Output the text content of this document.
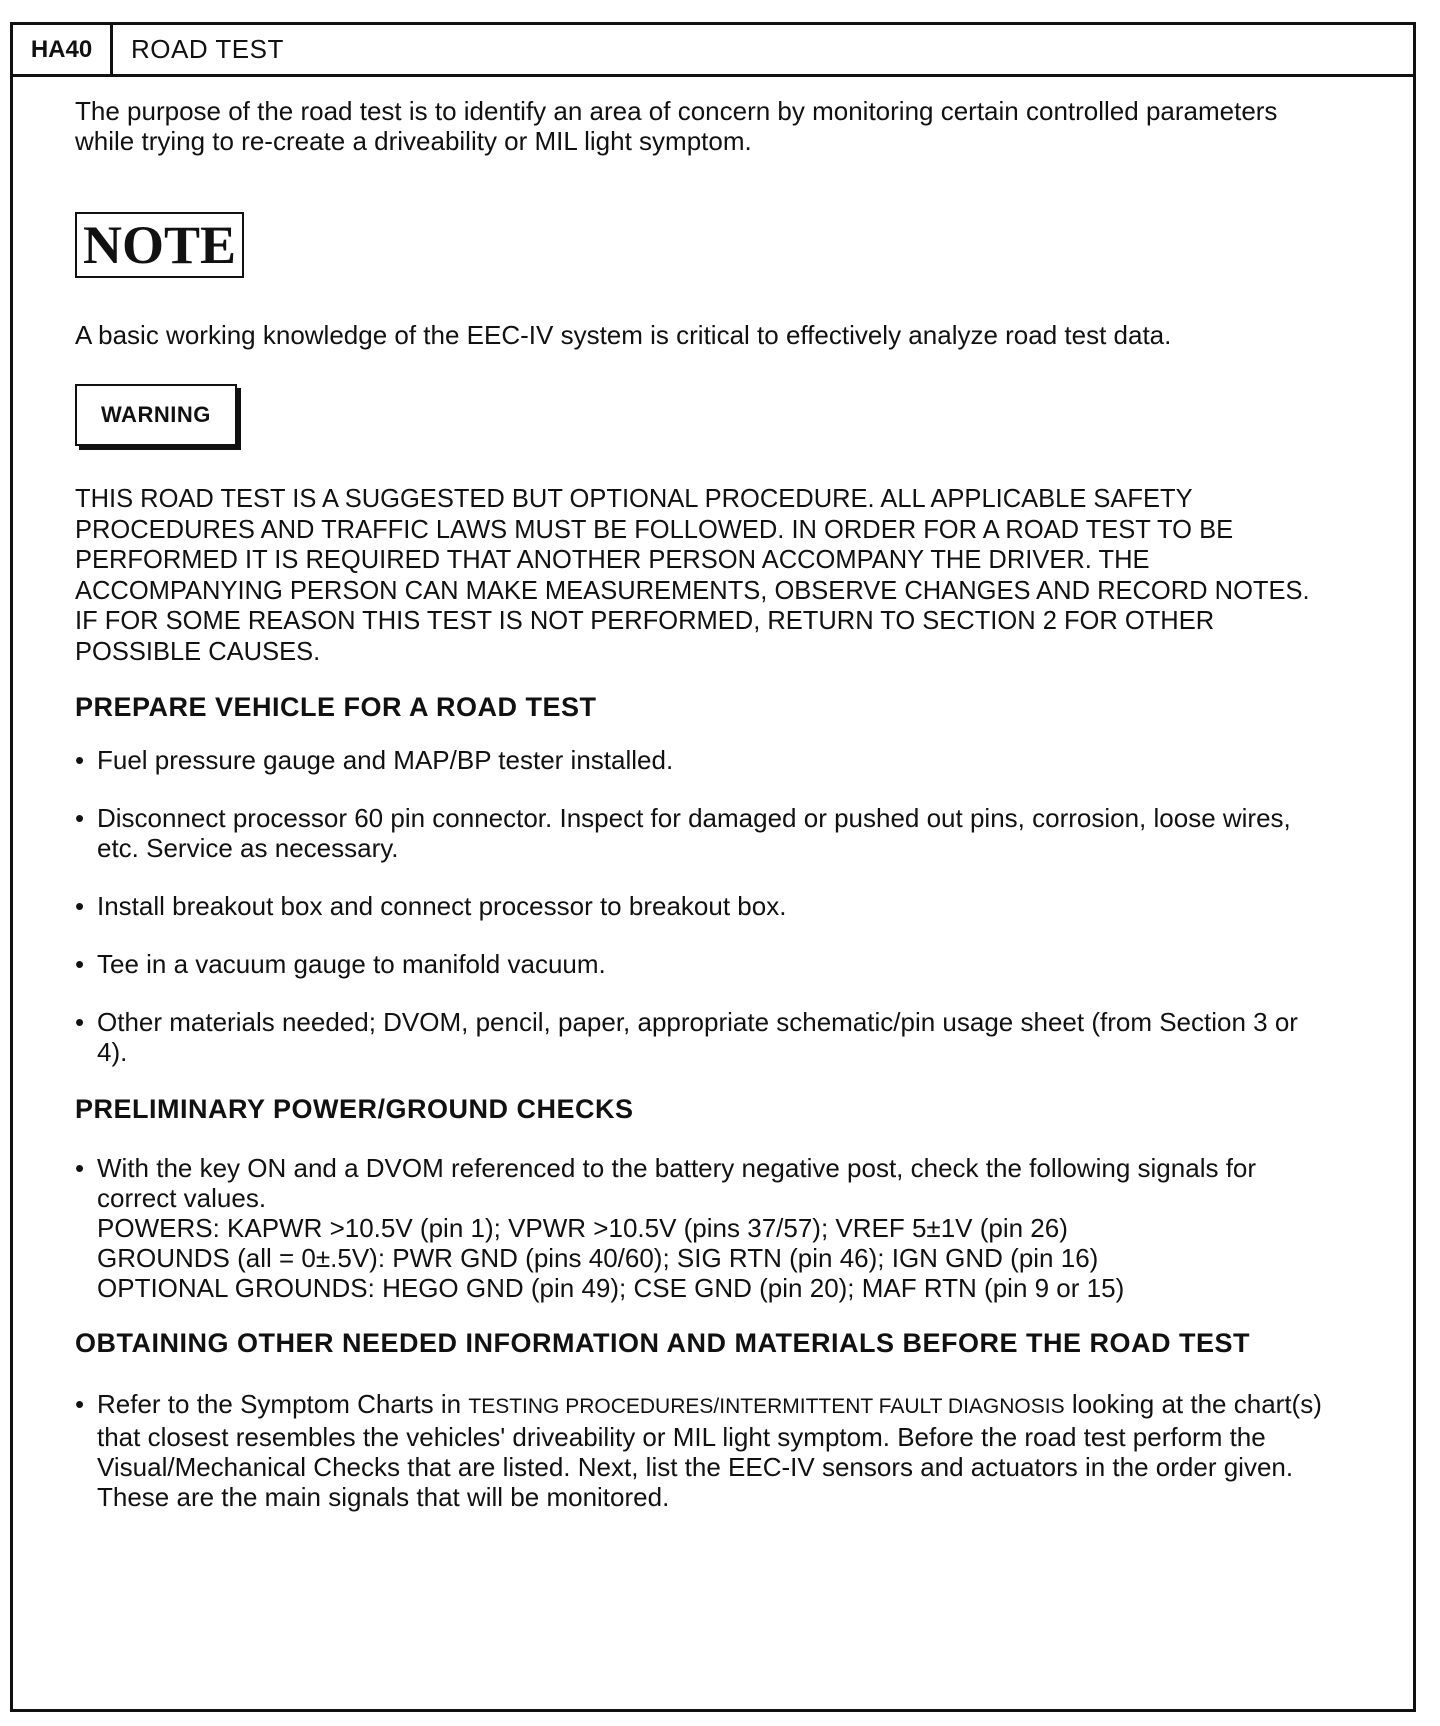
HA40	ROAD TEST

The purpose of the road test is to identify an area of concern by monitoring certain controlled parameters while trying to re-create a driveability or MIL light symptom.

NOTE

A basic working knowledge of the EEC-IV system is critical to effectively analyze road test data.

WARNING

THIS ROAD TEST IS A SUGGESTED BUT OPTIONAL PROCEDURE. ALL APPLICABLE SAFETY PROCEDURES AND TRAFFIC LAWS MUST BE FOLLOWED. IN ORDER FOR A ROAD TEST TO BE PERFORMED IT IS REQUIRED THAT ANOTHER PERSON ACCOMPANY THE DRIVER. THE ACCOMPANYING PERSON CAN MAKE MEASUREMENTS, OBSERVE CHANGES AND RECORD NOTES. IF FOR SOME REASON THIS TEST IS NOT PERFORMED, RETURN TO SECTION 2 FOR OTHER POSSIBLE CAUSES.

PREPARE VEHICLE FOR A ROAD TEST
• Fuel pressure gauge and MAP/BP tester installed.
• Disconnect processor 60 pin connector. Inspect for damaged or pushed out pins, corrosion, loose wires, etc. Service as necessary.
• Install breakout box and connect processor to breakout box.
• Tee in a vacuum gauge to manifold vacuum.
• Other materials needed; DVOM, pencil, paper, appropriate schematic/pin usage sheet (from Section 3 or 4).
PRELIMINARY POWER/GROUND CHECKS
• With the key ON and a DVOM referenced to the battery negative post, check the following signals for correct values.
POWERS: KAPWR >10.5V (pin 1); VPWR >10.5V (pins 37/57); VREF 5±1V (pin 26)
GROUNDS (all = 0±.5V): PWR GND (pins 40/60); SIG RTN (pin 46); IGN GND (pin 16)
OPTIONAL GROUNDS: HEGO GND (pin 49); CSE GND (pin 20); MAF RTN (pin 9 or 15)
OBTAINING OTHER NEEDED INFORMATION AND MATERIALS BEFORE THE ROAD TEST
• Refer to the Symptom Charts in TESTING PROCEDURES/INTERMITTENT FAULT DIAGNOSIS looking at the chart(s) that closest resembles the vehicles' driveability or MIL light symptom. Before the road test perform the Visual/Mechanical Checks that are listed. Next, list the EEC-IV sensors and actuators in the order given. These are the main signals that will be monitored.
